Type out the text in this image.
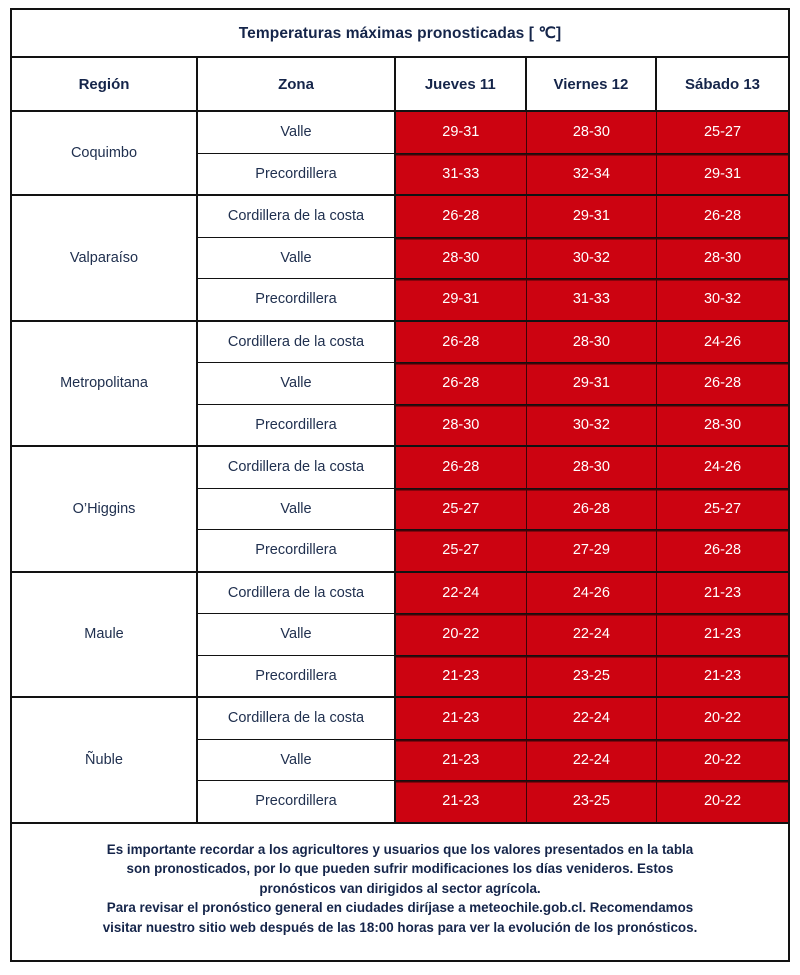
Temperaturas máximas pronosticadas [ ℃]
Región	Zona	Jueves 11	Viernes 12	Sábado 13
Coquimbo
Valle	29-31	28-30	25-27
Precordillera	31-33	32-34	29-31
Valparaíso
Cordillera de la costa	26-28	29-31	26-28
Valle	28-30	30-32	28-30
Precordillera	29-31	31-33	30-32
Metropolitana
Cordillera de la costa	26-28	28-30	24-26
Valle	26-28	29-31	26-28
Precordillera	28-30	30-32	28-30
O’Higgins
Cordillera de la costa	26-28	28-30	24-26
Valle	25-27	26-28	25-27
Precordillera	25-27	27-29	26-28
Maule
Cordillera de la costa	22-24	24-26	21-23
Valle	20-22	22-24	21-23
Precordillera	21-23	23-25	21-23
Ñuble
Cordillera de la costa	21-23	22-24	20-22
Valle	21-23	22-24	20-22
Precordillera	21-23	23-25	20-22
Es importante recordar a los agricultores y usuarios que los valores presentados en la tabla
son pronosticados, por lo que pueden sufrir modificaciones los días venideros. Estos
pronósticos van dirigidos al sector agrícola.
Para revisar el pronóstico general en ciudades diríjase a meteochile.gob.cl. Recomendamos
visitar nuestro sitio web después de las 18:00 horas para ver la evolución de los pronósticos.
